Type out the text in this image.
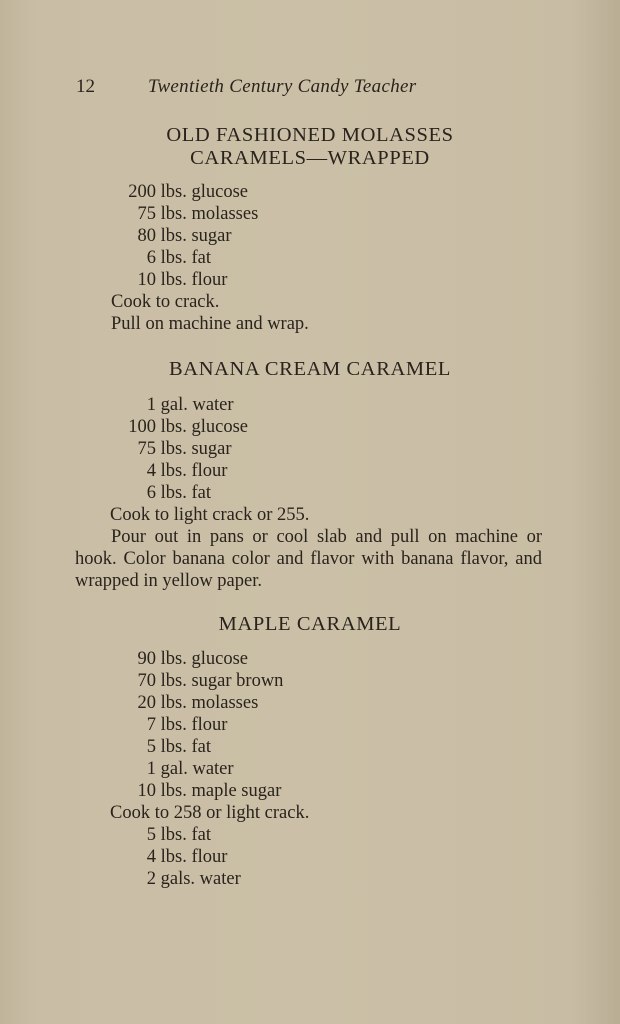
12	Twentieth Century Candy Teacher
OLD FASHIONED MOLASSES
CARAMELS—WRAPPED
200 lbs. glucose
75 lbs. molasses
80 lbs. sugar
6 lbs. fat
10 lbs. flour
Cook to crack.
Pull on machine and wrap.
BANANA CREAM CARAMEL
1 gal. water
100 lbs. glucose
75 lbs. sugar
4 lbs. flour
6 lbs. fat
Cook to light crack or 255.
Pour out in pans or cool slab and pull on machine or hook. Color banana color and flavor with banana flavor, and wrapped in yellow paper.
MAPLE CARAMEL
90 lbs. glucose
70 lbs. sugar brown
20 lbs. molasses
7 lbs. flour
5 lbs. fat
1 gal. water
10 lbs. maple sugar
Cook to 258 or light crack.
5 lbs. fat
4 lbs. flour
2 gals. water
